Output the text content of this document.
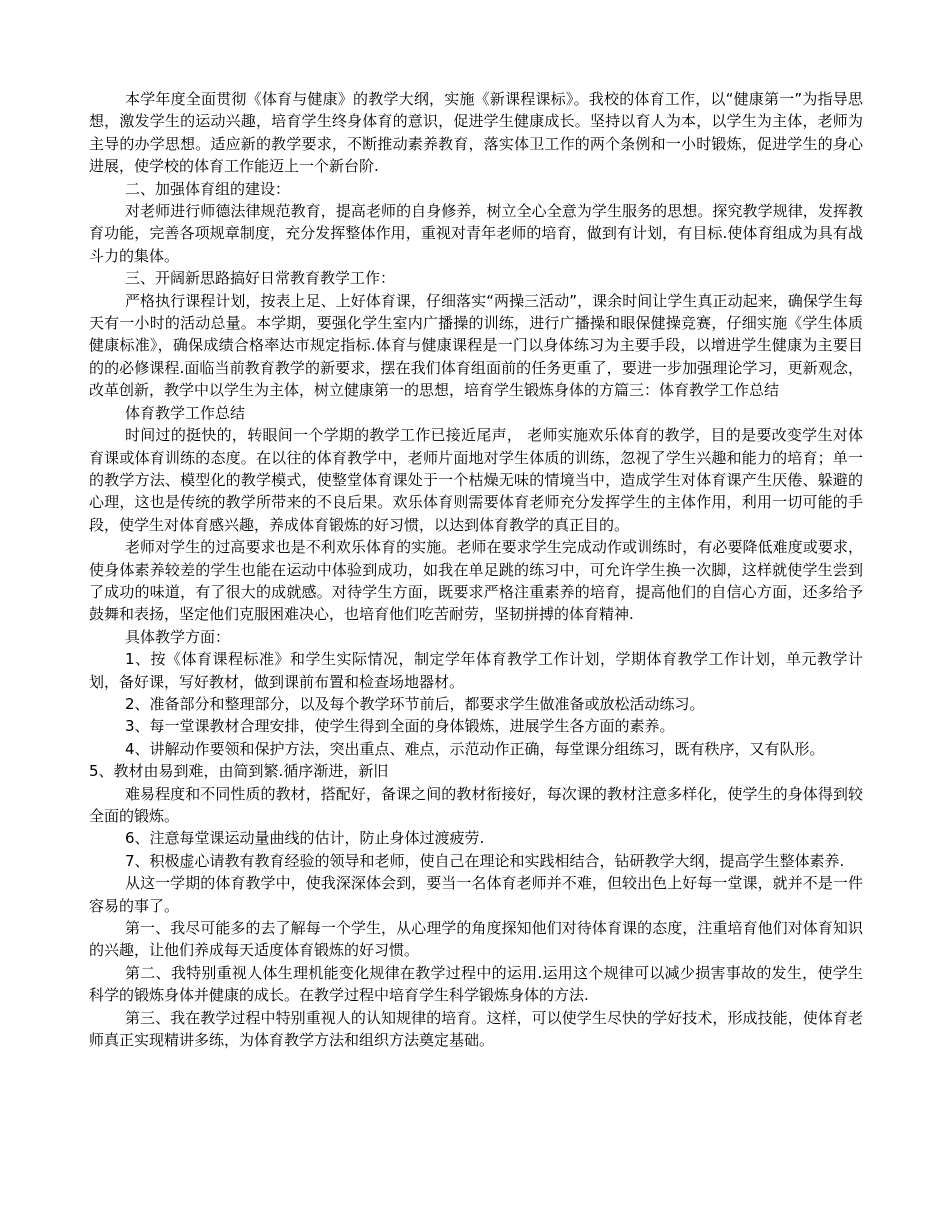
本学年度全面贯彻《体育与健康》的教学大纲，实施《新课程课标》。我校的体育工作，以“健康第一”为指导思想，激发学生的运动兴趣，培育学生终身体育的意识，促进学生健康成长。坚持以育人为本，以学生为主体，老师为主导的办学思想。适应新的教学要求，不断推动素养教育，落实体卫工作的两个条例和一小时锻炼，促进学生的身心进展，使学校的体育工作能迈上一个新台阶.

二、加强体育组的建设：

对老师进行师德法律规范教育，提高老师的自身修养，树立全心全意为学生服务的思想。探究教学规律，发挥教育功能，完善各项规章制度，充分发挥整体作用，重视对青年老师的培育，做到有计划，有目标.使体育组成为具有战斗力的集体。

三、开阔新思路搞好日常教育教学工作：

严格执行课程计划，按表上足、上好体育课，仔细落实“两操三活动”，课余时间让学生真正动起来，确保学生每天有一小时的活动总量。本学期，要强化学生室内广播操的训练，进行广播操和眼保健操竞赛，仔细实施《学生体质健康标准》，确保成绩合格率达市规定指标.体育与健康课程是一门以身体练习为主要手段，以增进学生健康为主要目的的必修课程.面临当前教育教学的新要求，摆在我们体育组面前的任务更重了，要进一步加强理论学习，更新观念，改革创新，教学中以学生为主体，树立健康第一的思想，培育学生锻炼身体的方篇三：体育教学工作总结

体育教学工作总结

时间过的挺快的，转眼间一个学期的教学工作已接近尾声， 老师实施欢乐体育的教学，目的是要改变学生对体育课或体育训练的态度。在以往的体育教学中，老师片面地对学生体质的训练，忽视了学生兴趣和能力的培育；单一的教学方法、模型化的教学模式，使整堂体育课处于一个枯燥无味的情境当中，造成学生对体育课产生厌倦、躲避的心理，这也是传统的教学所带来的不良后果。欢乐体育则需要体育老师充分发挥学生的主体作用，利用一切可能的手段，使学生对体育感兴趣，养成体育锻炼的好习惯，以达到体育教学的真正目的。

老师对学生的过高要求也是不利欢乐体育的实施。老师在要求学生完成动作或训练时，有必要降低难度或要求，使身体素养较差的学生也能在运动中体验到成功，如我在单足跳的练习中，可允许学生换一次脚，这样就使学生尝到了成功的味道，有了很大的成就感。对待学生方面，既要求严格注重素养的培育，提高他们的自信心方面，还多给予鼓舞和表扬，坚定他们克服困难决心，也培育他们吃苦耐劳，坚韧拼搏的体育精神.

具体教学方面：

1、按《体育课程标准》和学生实际情况，制定学年体育教学工作计划，学期体育教学工作计划，单元教学计划，备好课，写好教材，做到课前布置和检查场地器材。

2、准备部分和整理部分，以及每个教学环节前后，都要求学生做准备或放松活动练习。

3、每一堂课教材合理安排，使学生得到全面的身体锻炼，进展学生各方面的素养。

4、讲解动作要领和保护方法，突出重点、难点，示范动作正确，每堂课分组练习，既有秩序，又有队形。

5、教材由易到难，由简到繁.循序渐进，新旧

难易程度和不同性质的教材，搭配好，备课之间的教材衔接好，每次课的教材注意多样化，使学生的身体得到较全面的锻炼。

6、注意每堂课运动量曲线的估计，防止身体过渡疲劳.

7、积极虚心请教有教育经验的领导和老师，使自己在理论和实践相结合，钻研教学大纲，提高学生整体素养.

从这一学期的体育教学中，使我深深体会到，要当一名体育老师并不难，但较出色上好每一堂课，就并不是一件容易的事了。

第一、我尽可能多的去了解每一个学生，从心理学的角度探知他们对待体育课的态度，注重培育他们对体育知识的兴趣，让他们养成每天适度体育锻炼的好习惯。

第二、我特别重视人体生理机能变化规律在教学过程中的运用.运用这个规律可以减少损害事故的发生，使学生科学的锻炼身体并健康的成长。在教学过程中培育学生科学锻炼身体的方法.

第三、我在教学过程中特别重视人的认知规律的培育。这样，可以使学生尽快的学好技术，形成技能，使体育老师真正实现精讲多练，为体育教学方法和组织方法奠定基础。
